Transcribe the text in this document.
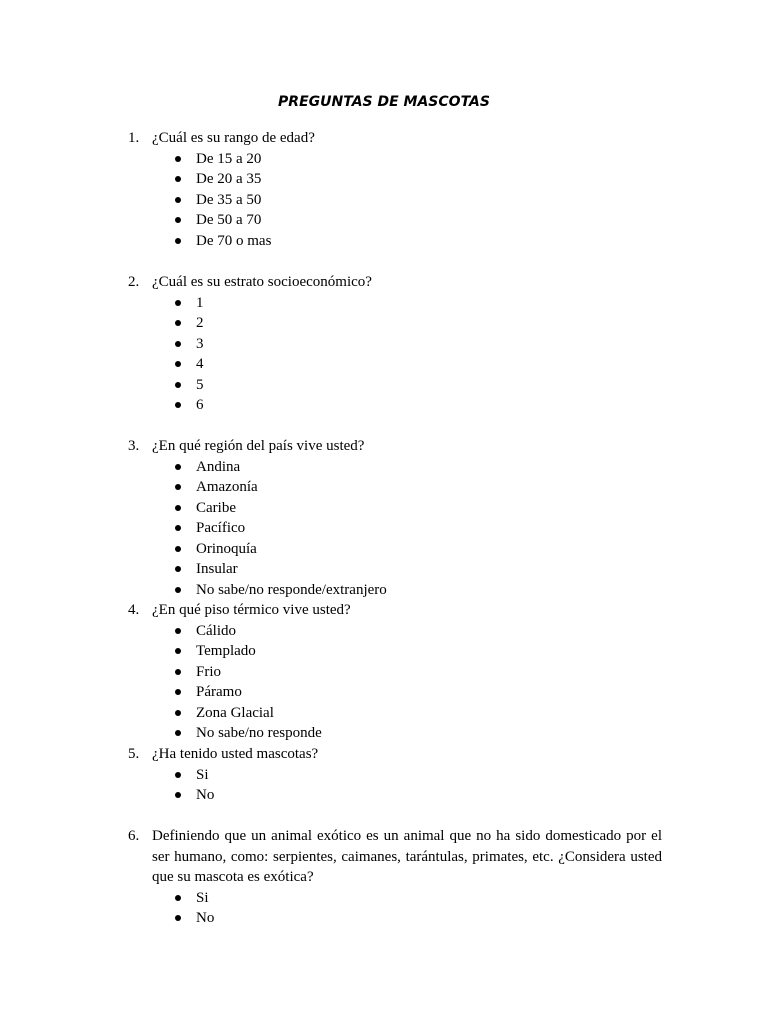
PREGUNTAS DE MASCOTAS
1. ¿Cuál es su rango de edad?
De 15 a 20
De 20 a 35
De 35 a 50
De 50 a 70
De 70 o mas
2. ¿Cuál es su estrato socioeconómico?
1
2
3
4
5
6
3. ¿En qué región del país vive usted?
Andina
Amazonía
Caribe
Pacífico
Orinoquía
Insular
No sabe/no responde/extranjero
4. ¿En qué piso térmico vive usted?
Cálido
Templado
Frio
Páramo
Zona Glacial
No sabe/no responde
5. ¿Ha tenido usted mascotas?
Si
No
6. Definiendo que un animal exótico es un animal que no ha sido domesticado por el ser humano, como: serpientes, caimanes, tarántulas, primates, etc. ¿Considera usted que su mascota es exótica?
Si
No
